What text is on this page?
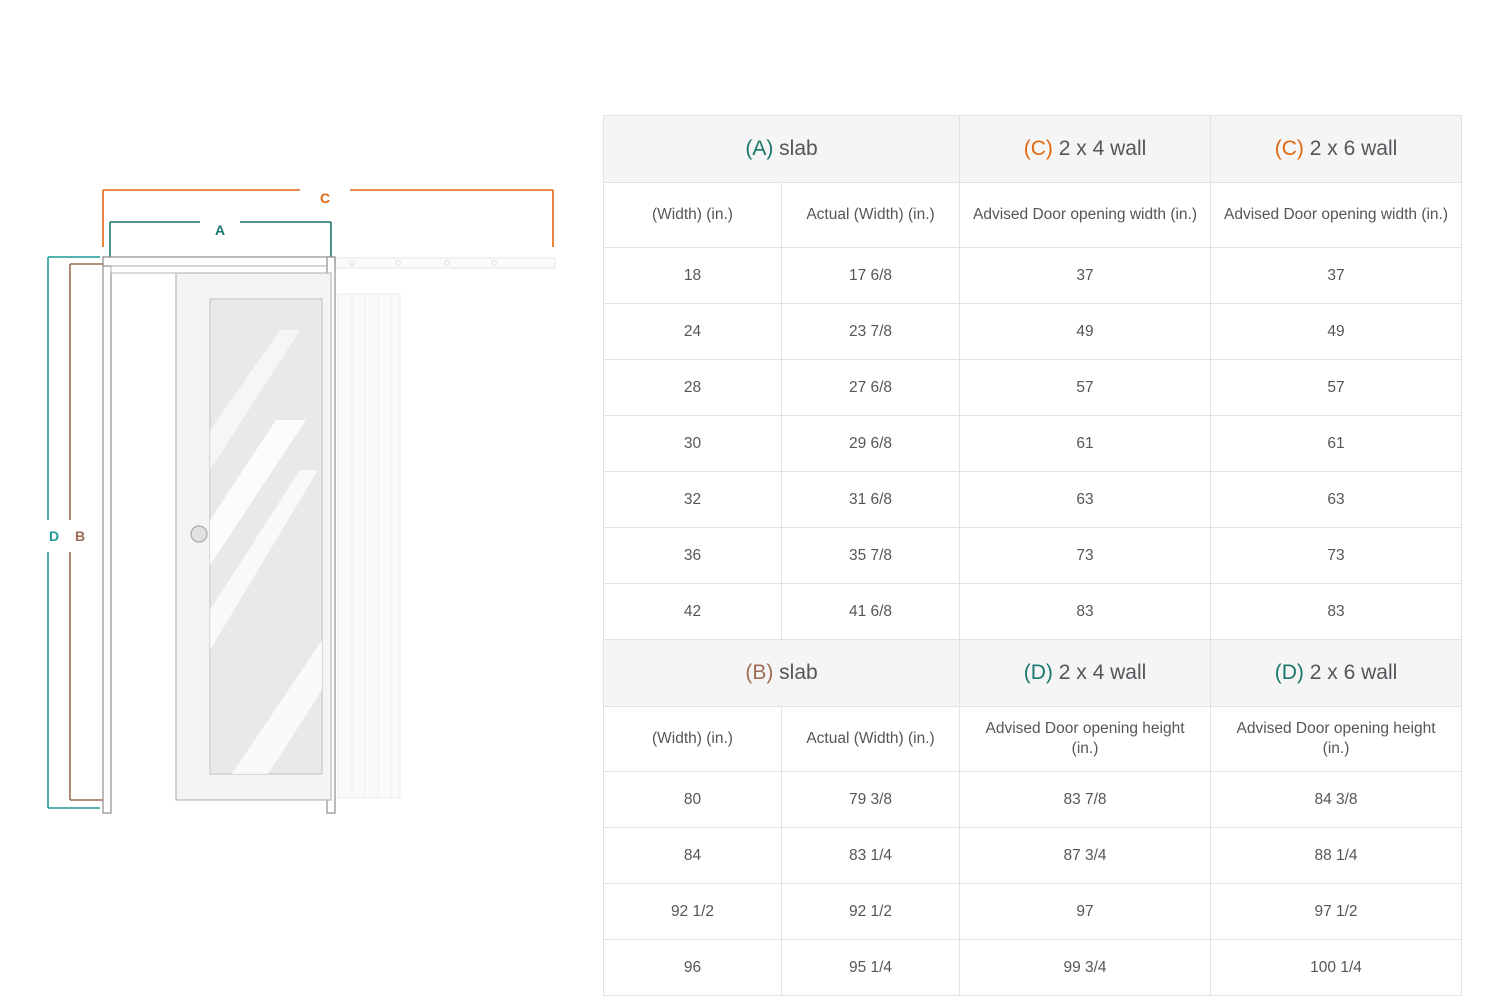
C
A
D B
(A) slab		(C) 2 x 4 wall	(C) 2 x 6 wall
(Width) (in.)	Actual (Width) (in.)	Advised Door opening width (in.)	Advised Door opening width (in.)
18	17 6/8	37	37
24	23 7/8	49	49
28	27 6/8	57	57
30	29 6/8	61	61
32	31 6/8	63	63
36	35 7/8	73	73
42	41 6/8	83	83
(B) slab		(D) 2 x 4 wall	(D) 2 x 6 wall
(Width) (in.)	Actual (Width) (in.)	Advised Door opening height (in.)	Advised Door opening height (in.)
80	79 3/8	83 7/8	84 3/8
84	83 1/4	87 3/4	88 1/4
92 1/2	92 1/2	97	97 1/2
96	95 1/4	99 3/4	100 1/4
